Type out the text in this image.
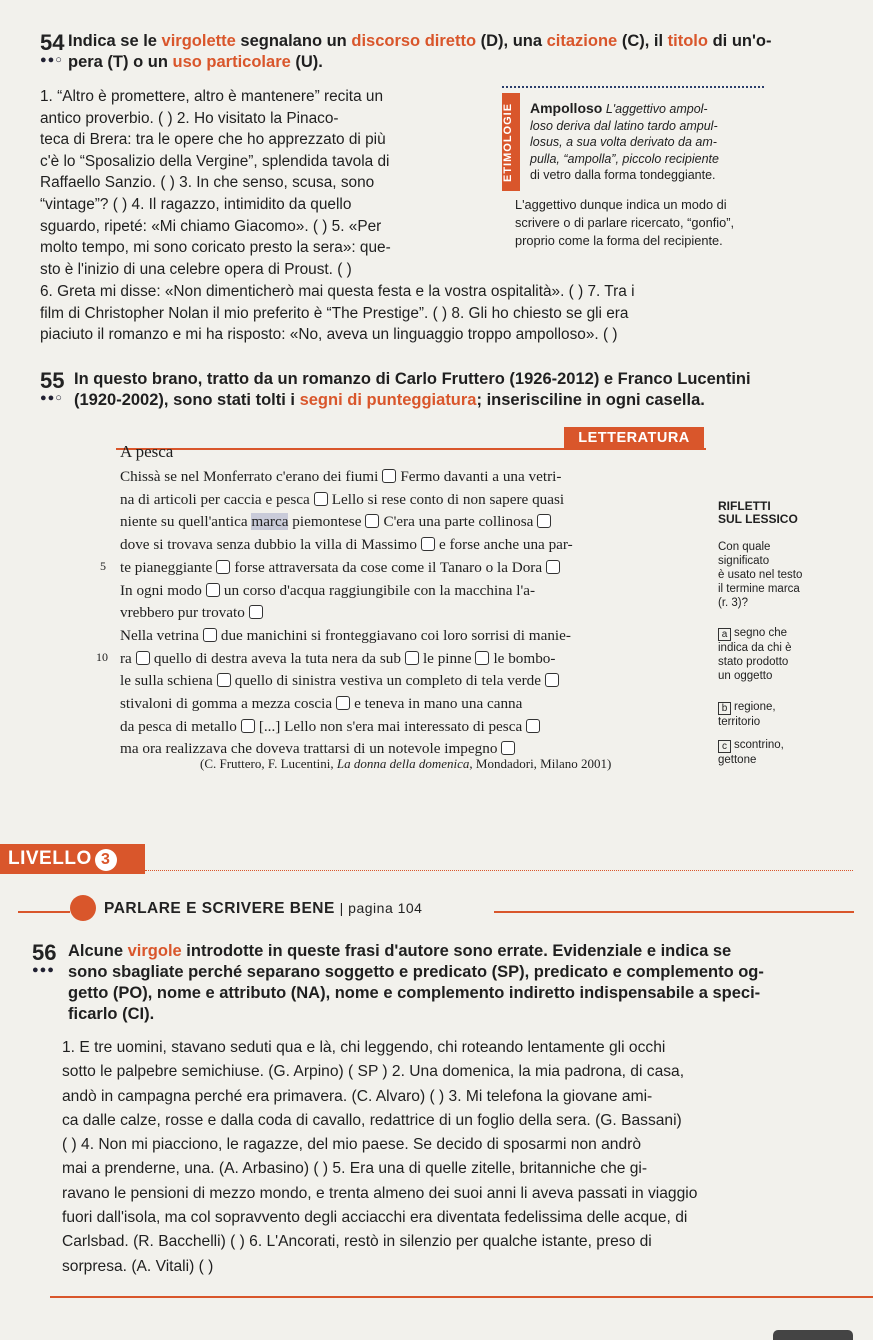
54
●●○
Indica se le virgolette segnalano un discorso diretto (D), una citazione (C), il titolo di un'o-
pera (T) o un uso particolare (U).
1. “Altro è promettere, altro è mantenere” recita un
antico proverbio. ( ) 2. Ho visitato la Pinaco-
teca di Brera: tra le opere che ho apprezzato di più
c'è lo “Sposalizio della Vergine”, splendida tavola di
Raffaello Sanzio. ( ) 3. In che senso, scusa, sono
“vintage”? ( ) 4. Il ragazzo, intimidito da quello
sguardo, ripeté: «Mi chiamo Giacomo». ( ) 5. «Per
molto tempo, mi sono coricato presto la sera»: que-
sto è l'inizio di una celebre opera di Proust. ( )
ETIMOLOGIE	Ampolloso L'aggettivo ampol-
loso deriva dal latino tardo ampul-
losus, a sua volta derivato da am-
pulla, “ampolla”, piccolo recipiente
di vetro dalla forma tondeggiante.
L'aggettivo dunque indica un modo di
scrivere o di parlare ricercato, “gonfio”,
proprio come la forma del recipiente.
6. Greta mi disse: «Non dimenticherò mai questa festa e la vostra ospitalità». ( ) 7. Tra i
film di Christopher Nolan il mio preferito è “The Prestige”. ( ) 8. Gli ho chiesto se gli era
piaciuto il romanzo e mi ha risposto: «No, aveva un linguaggio troppo ampolloso». ( )
55
●●○
In questo brano, tratto da un romanzo di Carlo Fruttero (1926-2012) e Franco Lucentini
(1920-2002), sono stati tolti i segni di punteggiatura; inserisciline in ogni casella.
LETTERATURA
A pesca
Chissà se nel Monferrato c'erano dei fiumi Fermo davanti a una vetri-
na di articoli per caccia e pesca Lello si rese conto di non sapere quasi
niente su quell'antica marca piemontese C'era una parte collinosa
dove si trovava senza dubbio la villa di Massimo e forse anche una par-
te pianeggiante forse attraversata da cose come il Tanaro o la Dora
In ogni modo un corso d'acqua raggiungibile con la macchina l'a-
vrebbero pur trovato
Nella vetrina due manichini si fronteggiavano coi loro sorrisi di manie-
ra quello di destra aveva la tuta nera da sub le pinne le bombo-
le sulla schiena quello di sinistra vestiva un completo di tela verde
stivaloni di gomma a mezza coscia e teneva in mano una canna
da pesca di metallo [...] Lello non s'era mai interessato di pesca
ma ora realizzava che doveva trattarsi di un notevole impegno
5
10
(C. Fruttero, F. Lucentini, La donna della domenica, Mondadori, Milano 2001)
RIFLETTI
SUL LESSICO
Con quale
significato
è usato nel testo
il termine marca
(r. 3)?
a segno che
indica da chi è
stato prodotto
un oggetto
b regione,
territorio
c scontrino,
gettone
LIVELLO 3
PARLARE E SCRIVERE BENE | pagina 104
56
●●●
Alcune virgole introdotte in queste frasi d'autore sono errate. Evidenziale e indica se
sono sbagliate perché separano soggetto e predicato (SP), predicato e complemento og-
getto (PO), nome e attributo (NA), nome e complemento indiretto indispensabile a speci-
ficarlo (CI).
1. E tre uomini, stavano seduti qua e là, chi leggendo, chi roteando lentamente gli occhi
sotto le palpebre semichiuse. (G. Arpino) ( SP ) 2. Una domenica, la mia padrona, di casa,
andò in campagna perché era primavera. (C. Alvaro) ( ) 3. Mi telefona la giovane ami-
ca dalle calze, rosse e dalla coda di cavallo, redattrice di un foglio della sera. (G. Bassani)
( ) 4. Non mi piacciono, le ragazze, del mio paese. Se decido di sposarmi non andrò
mai a prenderne, una. (A. Arbasino) ( ) 5. Era una di quelle zitelle, britanniche che gi-
ravano le pensioni di mezzo mondo, e trenta almeno dei suoi anni li aveva passati in viaggio
fuori dall'isola, ma col sopravvento degli acciacchi era diventata fedelissima delle acque, di
Carlsbad. (R. Bacchelli) ( ) 6. L'Ancorati, restò in silenzio per qualche istante, preso di
sorpresa. (A. Vitali) ( )
